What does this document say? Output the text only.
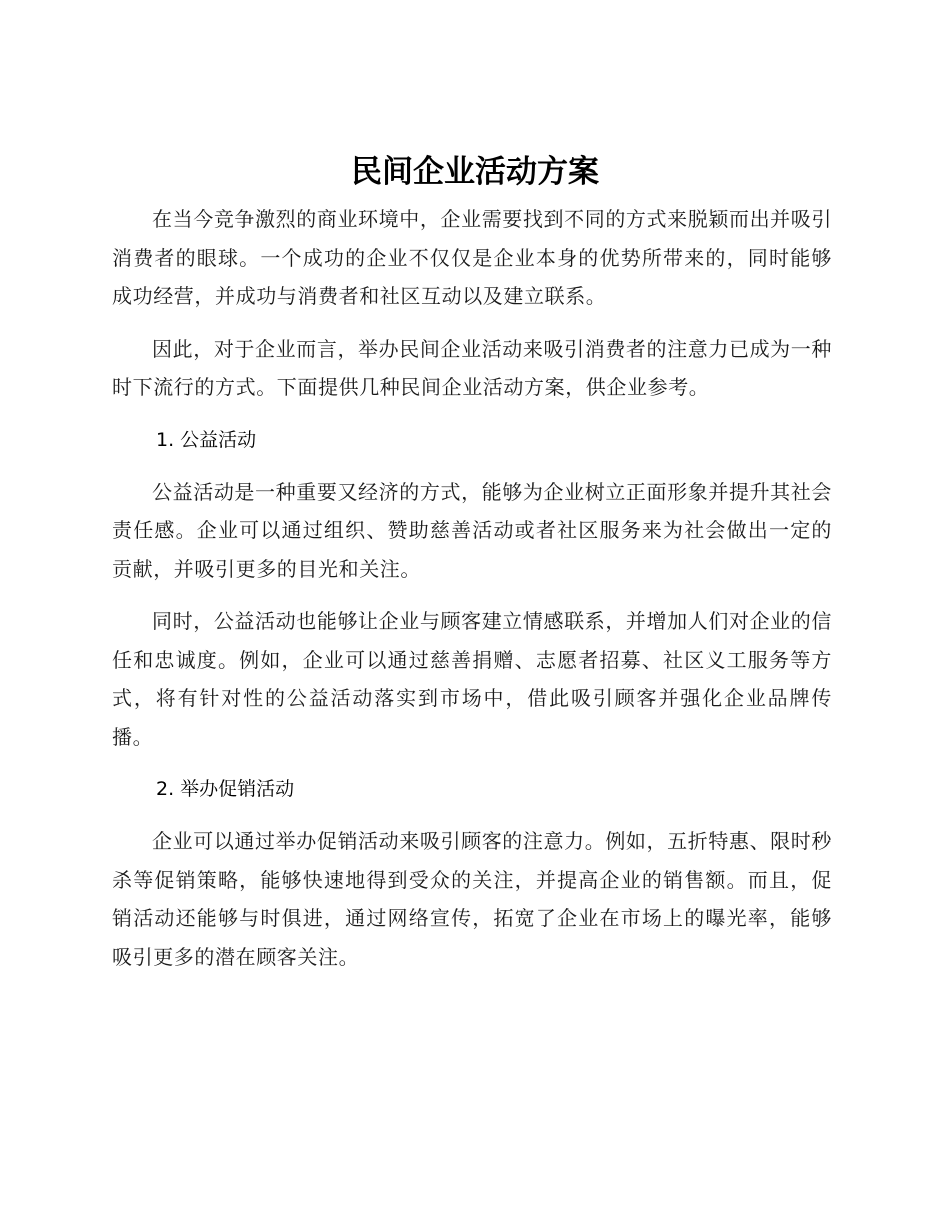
民间企业活动方案

在当今竞争激烈的商业环境中，企业需要找到不同的方式来脱颖而出并吸引消费者的眼球。一个成功的企业不仅仅是企业本身的优势所带来的，同时能够成功经营，并成功与消费者和社区互动以及建立联系。

因此，对于企业而言，举办民间企业活动来吸引消费者的注意力已成为一种时下流行的方式。下面提供几种民间企业活动方案，供企业参考。

1. 公益活动

公益活动是一种重要又经济的方式，能够为企业树立正面形象并提升其社会责任感。企业可以通过组织、赞助慈善活动或者社区服务来为社会做出一定的贡献，并吸引更多的目光和关注。

同时，公益活动也能够让企业与顾客建立情感联系，并增加人们对企业的信任和忠诚度。例如，企业可以通过慈善捐赠、志愿者招募、社区义工服务等方式，将有针对性的公益活动落实到市场中，借此吸引顾客并强化企业品牌传播。

2. 举办促销活动

企业可以通过举办促销活动来吸引顾客的注意力。例如，五折特惠、限时秒杀等促销策略，能够快速地得到受众的关注，并提高企业的销售额。而且，促销活动还能够与时俱进，通过网络宣传，拓宽了企业在市场上的曝光率，能够吸引更多的潜在顾客关注。
